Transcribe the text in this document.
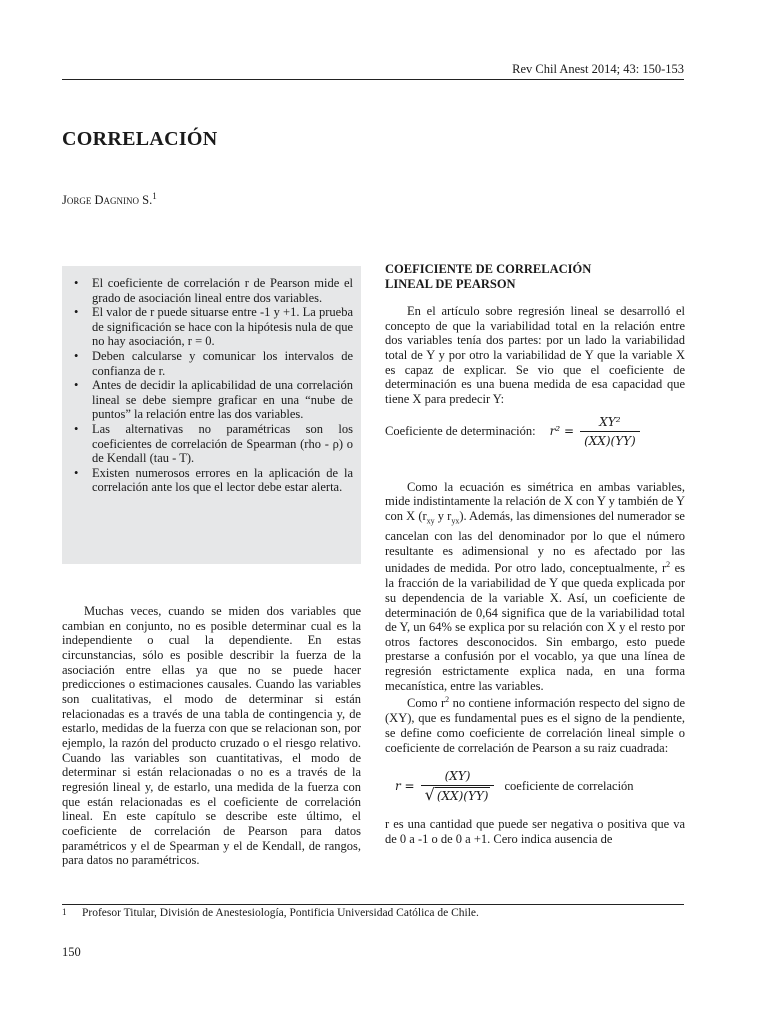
Rev Chil Anest 2014; 43: 150-153
CORRELACIÓN
Jorge Dagnino S.$^1$
• El coeficiente de correlación r de Pearson mide el grado de asociación lineal entre dos variables.
• El valor de r puede situarse entre -1 y +1. La prueba de significación se hace con la hipótesis nula de que no hay asociación, r = 0.
• Deben calcularse y comunicar los intervalos de confianza de r.
• Antes de decidir la aplicabilidad de una correlación lineal se debe siempre graficar en una “nube de puntos” la relación entre las dos variables.
• Las alternativas no paramétricas son los coeficientes de correlación de Spearman (rho - ρ) o de Kendall (tau - T).
• Existen numerosos errores en la aplicación de la correlación ante los que el lector debe estar alerta.

Muchas veces, cuando se miden dos variables que cambian en conjunto, no es posible determinar cual es la independiente o cual la dependiente. En estas circunstancias, sólo es posible describir la fuerza de la asociación entre ellas ya que no se puede hacer predicciones o estimaciones causales. Cuando las variables son cualitativas, el modo de determinar si están relacionadas es a través de una tabla de contingencia y, de estarlo, medidas de la fuerza con que se relacionan son, por ejemplo, la razón del producto cruzado o el riesgo relativo. Cuando las variables son cuantitativas, el modo de determinar si están relacionadas o no es a través de la regresión lineal y, de estarlo, una medida de la fuerza con que están relacionadas es el coeficiente de correlación lineal. En este capítulo se describe este último, el coeficiente de correlación de Pearson para datos paramétricos y el de Spearman y el de Kendall, de rangos, para datos no paramétricos.

COEFICIENTE DE CORRELACIÓN
LINEAL DE PEARSON

En el artículo sobre regresión lineal se desarrolló el concepto de que la variabilidad total en la relación entre dos variables tenía dos partes: por un lado la variabilidad total de Y y por otro la variabilidad de Y que la variable X es capaz de explicar. Se vio que el coeficiente de determinación es una buena medida de esa capacidad que tiene X para predecir Y:

Coeficiente de determinación: $r^2 = \frac{\text{XY²}}{(XX)(YY)}$

Como la ecuación es simétrica en ambas variables, mide indistintamente la relación de X con Y y también de Y con X ($r_{xy}$ y $r_{yx}$). Además, las dimensiones del numerador se cancelan con las del denominador por lo que el número resultante es adimensional y no es afectado por las unidades de medida. Por otro lado, conceptualmente, $r^2$ es la fracción de la variabilidad de Y que queda explicada por su dependencia de la variable X. Así, un coeficiente de determinación de 0,64 significa que de la variabilidad total de Y, un 64% se explica por su relación con X y el resto por otros factores desconocidos. Sin embargo, esto puede prestarse a confusión por el vocablo, ya que una línea de regresión estrictamente explica nada, en una forma mecanística, entre las variables.

Como $r^2$ no contiene información respecto del signo de (XY), que es fundamental pues es el signo de la pendiente, se define como coeficiente de correlación lineal simple o coeficiente de correlación de Pearson a su raiz cuadrada:

$r = \frac{(XY)}{√ (XX)(YY)}$ coeficiente de correlación

r es una cantidad que puede ser negativa o positiva que va de 0 a -1 o de 0 a +1. Cero indica ausencia de

1 Profesor Titular, División de Anestesiología, Pontificia Universidad Católica de Chile.
150
